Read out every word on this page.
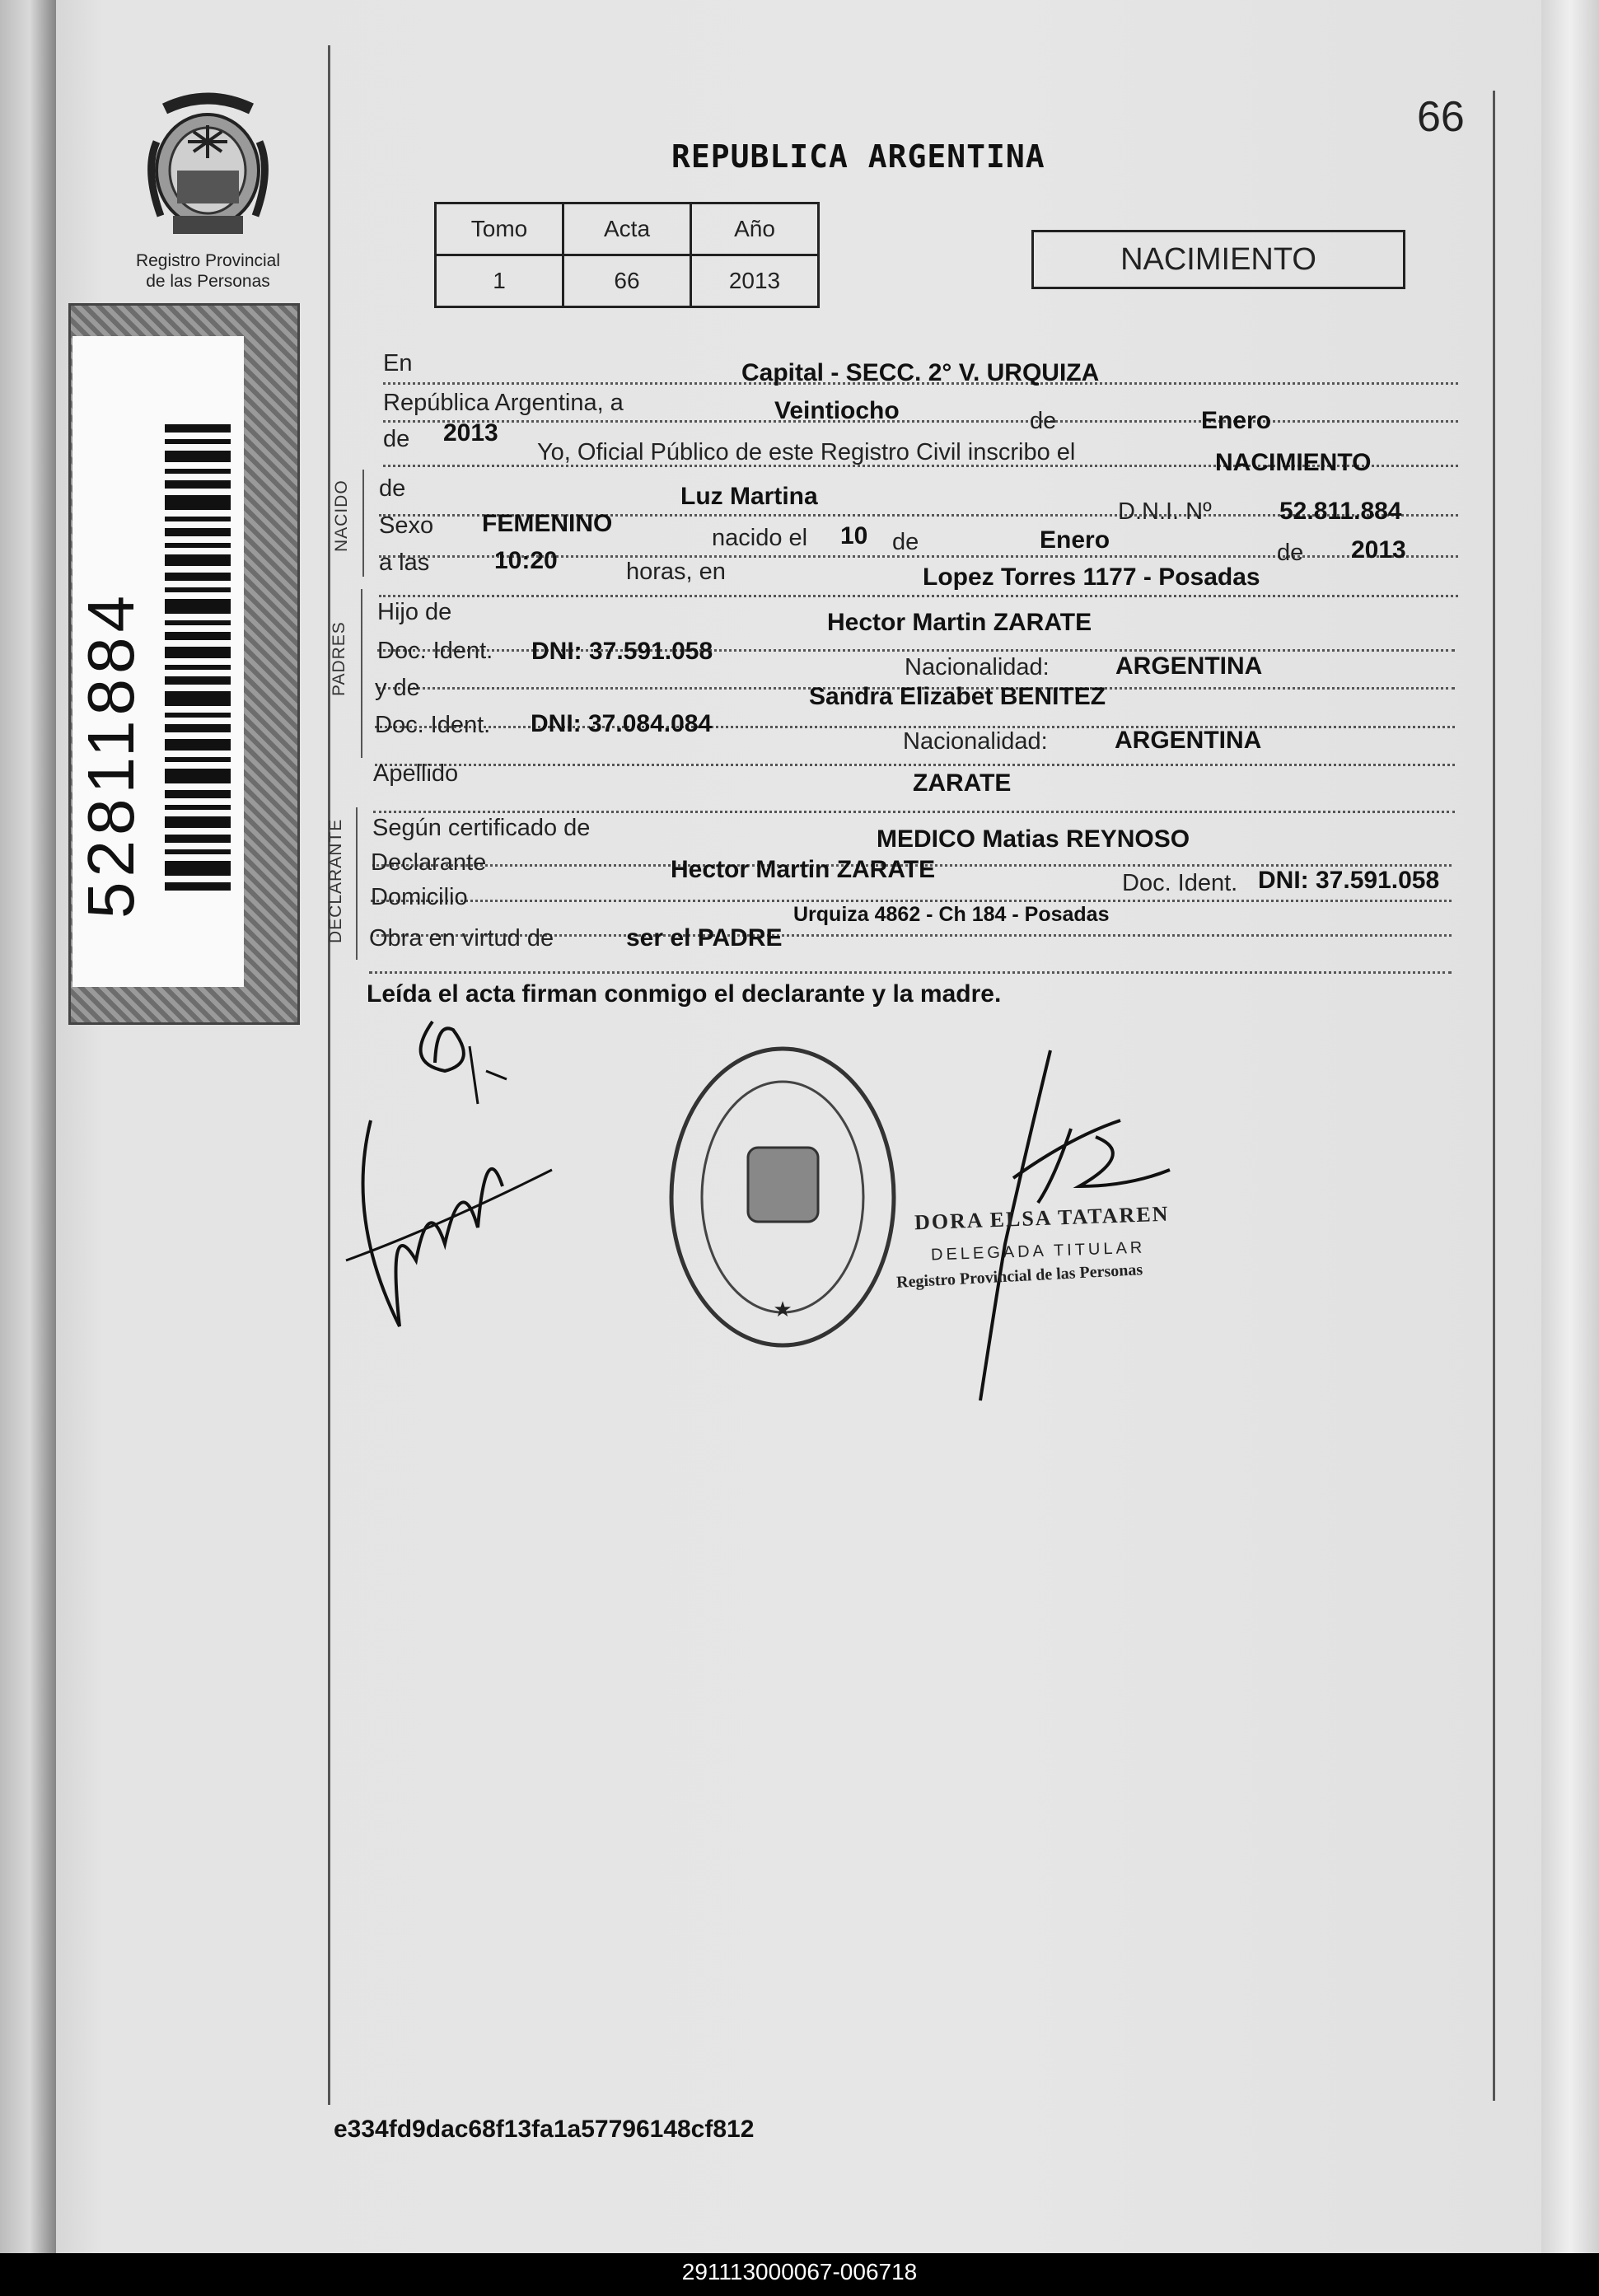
Registro Provincial
de las Personas
52811884
66
REPUBLICA ARGENTINA
Tomo	Acta	Año
1	66	2013
NACIMIENTO
En	Capital - SECC. 2° V. URQUIZA
República Argentina, a	Veintiocho	de	Enero
de 2013
Yo, Oficial Público de este Registro Civil inscribo el	NACIMIENTO
NACIDO de	Luz Martina
D.N.I. Nº	52.811.884
Sexo FEMENINO
nacido el 10 de	Enero	de 2013
a las	10:20	horas, en	Lopez Torres 1177 - Posadas
PADRES
Hijo de	Hector Martin ZARATE
Doc. Ident. DNI: 37.591.058
Nacionalidad:	ARGENTINA
y de	Sandra Elizabet BENITEZ
Doc. Ident. DNI: 37.084.084
Nacionalidad:	ARGENTINA
Apellido	ZARATE
DECLARANTE Según certificado de	MEDICO Matias REYNOSO
Declarante	Hector Martin ZARATE	Doc. Ident. DNI: 37.591.058
Domicilio
Urquiza 4862 - Ch 184 - Posadas
Obra en virtud de	ser el PADRE
Leída el acta firman conmigo el declarante y la madre.
★
DORA ELSA TATAREN
DELEGADA TITULAR
Registro Provincial de las Personas
e334fd9dac68f13fa1a57796148cf812
291113000067-006718
